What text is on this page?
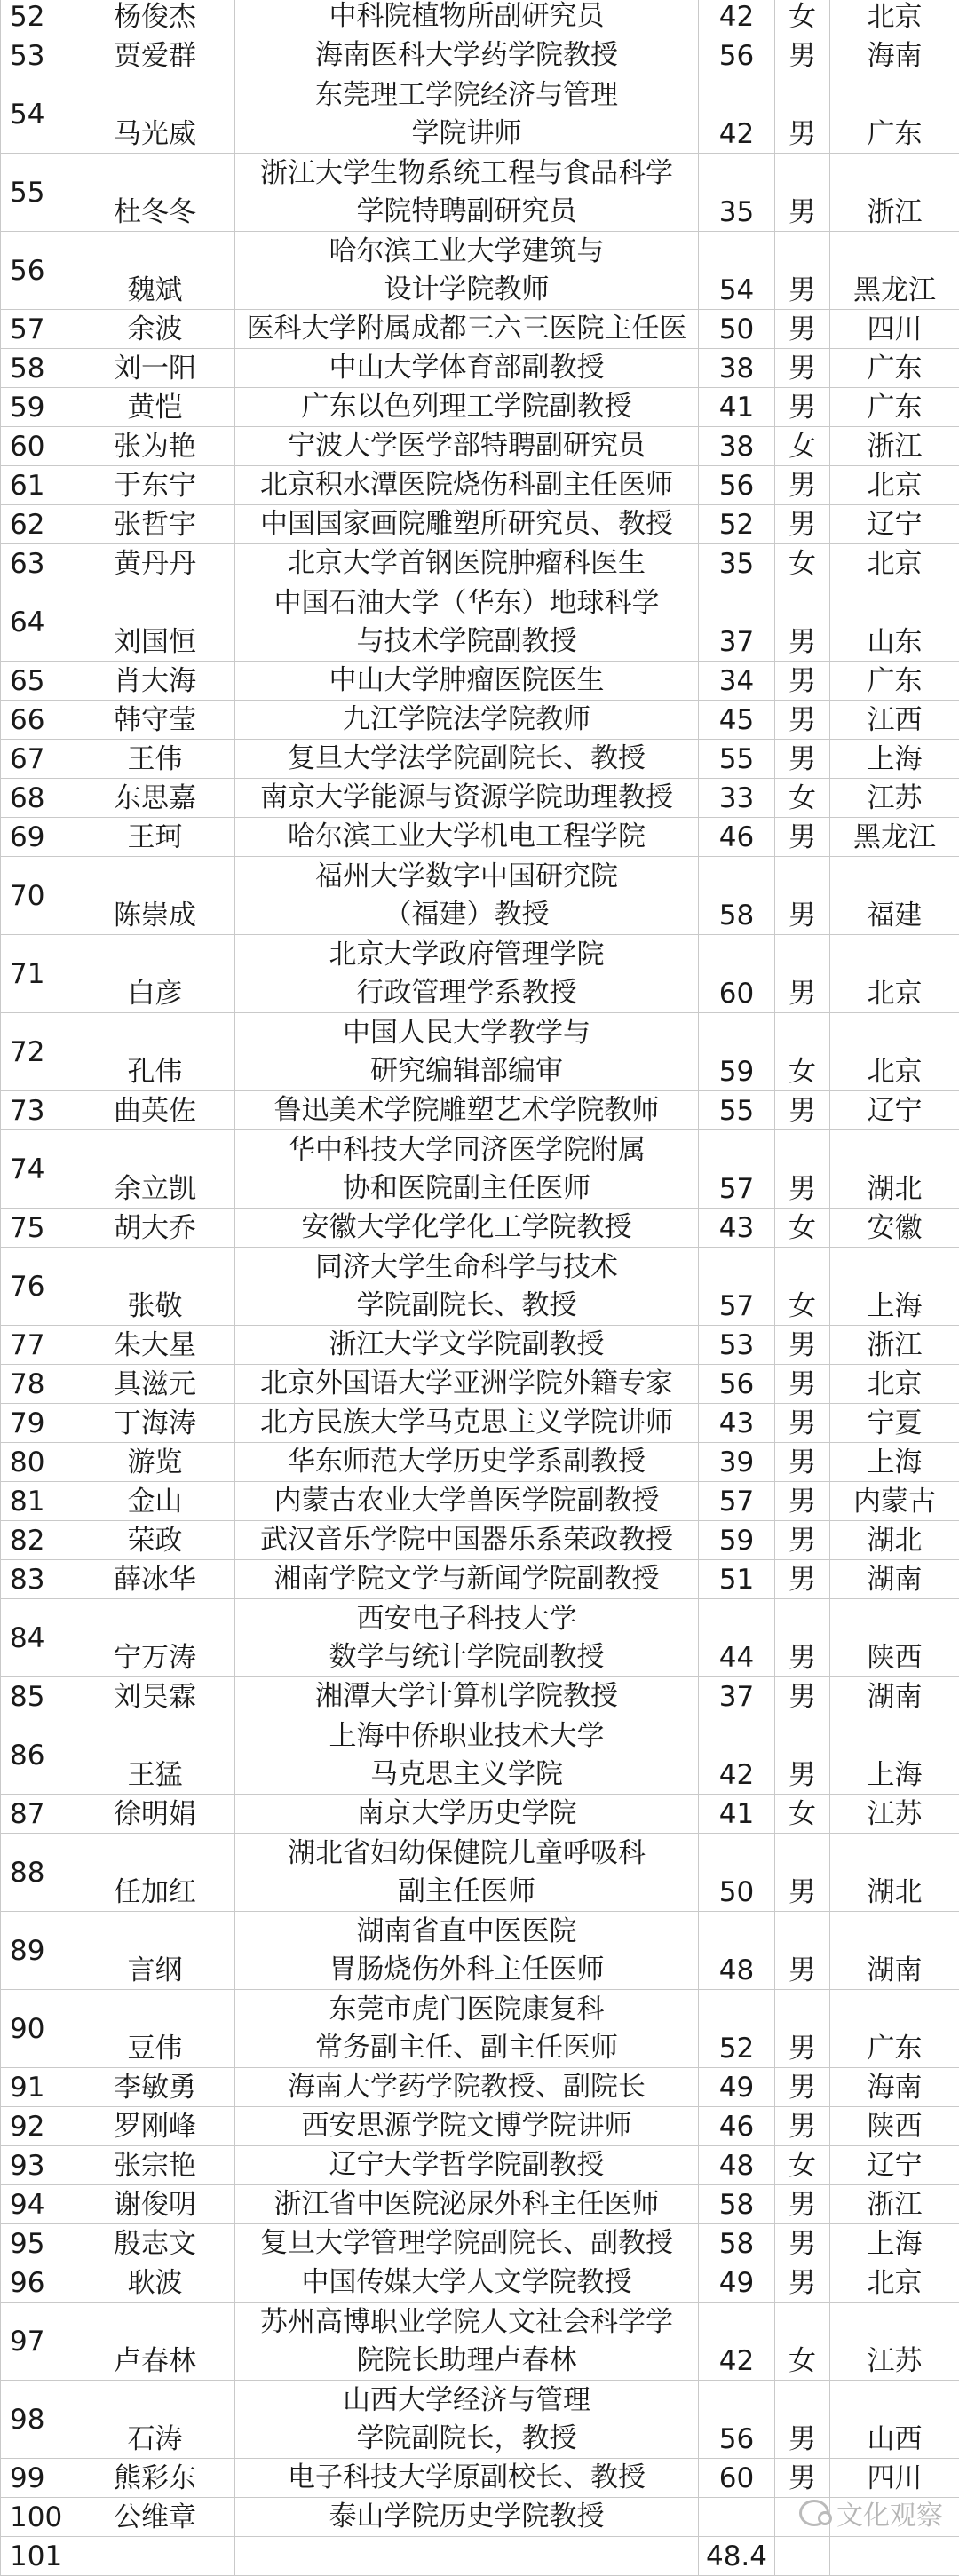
52	杨俊杰	中科院植物所副研究员	42	女	北京
53	贾爱群	海南医科大学药学院教授	56	男	海南
54	马光威	东莞理工学院经济与管理
学院讲师	42	男	广东
55	杜冬冬	浙江大学生物系统工程与食品科学
学院特聘副研究员	35	男	浙江
56	魏斌	哈尔滨工业大学建筑与
设计学院教师	54	男	黑龙江
57	余波	医科大学附属成都三六三医院主任医	50	男	四川
58	刘一阳	中山大学体育部副教授	38	男	广东
59	黄恺	广东以色列理工学院副教授	41	男	广东
60	张为艳	宁波大学医学部特聘副研究员	38	女	浙江
61	于东宁	北京积水潭医院烧伤科副主任医师	56	男	北京
62	张哲宇	中国国家画院雕塑所研究员、教授	52	男	辽宁
63	黄丹丹	北京大学首钢医院肿瘤科医生	35	女	北京
64	刘国恒	中国石油大学（华东）地球科学
与技术学院副教授	37	男	山东
65	肖大海	中山大学肿瘤医院医生	34	男	广东
66	韩守莹	九江学院法学院教师	45	男	江西
67	王伟	复旦大学法学院副院长、教授	55	男	上海
68	东思嘉	南京大学能源与资源学院助理教授	33	女	江苏
69	王珂	哈尔滨工业大学机电工程学院	46	男	黑龙江
70	陈崇成	福州大学数字中国研究院
（福建）教授	58	男	福建
71	白彦	北京大学政府管理学院
行政管理学系教授	60	男	北京
72	孔伟	中国人民大学教学与
研究编辑部编审	59	女	北京
73	曲英佐	鲁迅美术学院雕塑艺术学院教师	55	男	辽宁
74	余立凯	华中科技大学同济医学院附属
协和医院副主任医师	57	男	湖北
75	胡大乔	安徽大学化学化工学院教授	43	女	安徽
76	张敬	同济大学生命科学与技术
学院副院长、教授	57	女	上海
77	朱大星	浙江大学文学院副教授	53	男	浙江
78	具滋元	北京外国语大学亚洲学院外籍专家	56	男	北京
79	丁海涛	北方民族大学马克思主义学院讲师	43	男	宁夏
80	游览	华东师范大学历史学系副教授	39	男	上海
81	金山	内蒙古农业大学兽医学院副教授	57	男	内蒙古
82	荣政	武汉音乐学院中国器乐系荣政教授	59	男	湖北
83	薛冰华	湘南学院文学与新闻学院副教授	51	男	湖南
84	宁万涛	西安电子科技大学
数学与统计学院副教授	44	男	陕西
85	刘昊霖	湘潭大学计算机学院教授	37	男	湖南
86	王猛	上海中侨职业技术大学
马克思主义学院	42	男	上海
87	徐明娟	南京大学历史学院	41	女	江苏
88	任加红	湖北省妇幼保健院儿童呼吸科
副主任医师	50	男	湖北
89	言纲	湖南省直中医医院
胃肠烧伤外科主任医师	48	男	湖南
90	豆伟	东莞市虎门医院康复科
常务副主任、副主任医师	52	男	广东
91	李敏勇	海南大学药学院教授、副院长	49	男	海南
92	罗刚峰	西安思源学院文博学院讲师	46	男	陕西
93	张宗艳	辽宁大学哲学院副教授	48	女	辽宁
94	谢俊明	浙江省中医院泌尿外科主任医师	58	男	浙江
95	殷志文	复旦大学管理学院副院长、副教授	58	男	上海
96	耿波	中国传媒大学人文学院教授	49	男	北京
97	卢春林	苏州高博职业学院人文社会科学学
院院长助理卢春林	42	女	江苏
98	石涛	山西大学经济与管理
学院副院长，教授	56	男	山西
99	熊彩东	电子科技大学原副校长、教授	60	男	四川
100	公维章	泰山学院历史学院教授			

101			48.4		
文化观察
